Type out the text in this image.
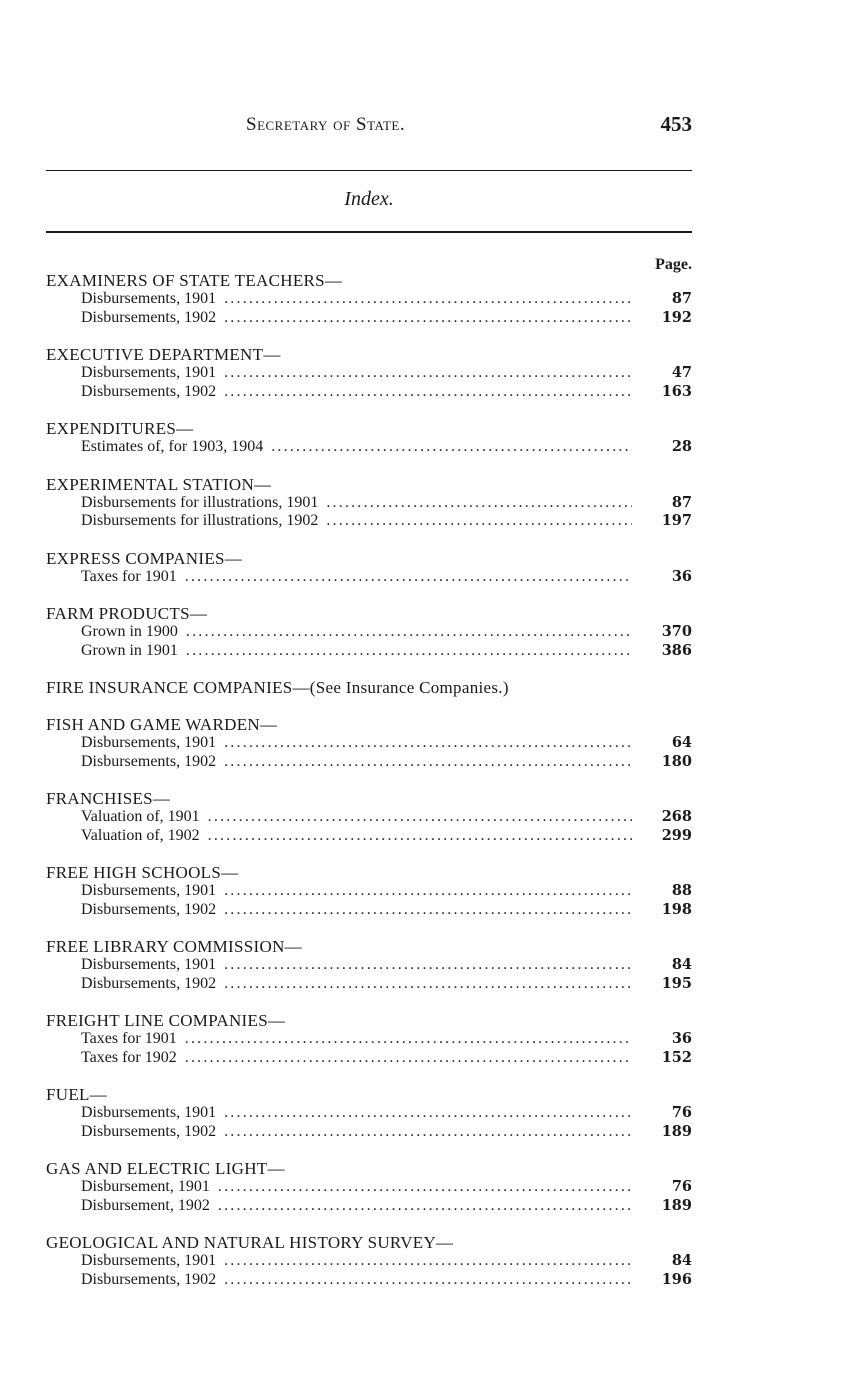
Secretary of State.	453
Index.
Page.
EXAMINERS OF STATE TEACHERS—
Disbursements, 1901 .....	87
Disbursements, 1902 .....	192
EXECUTIVE DEPARTMENT—
Disbursements, 1901 .....	47
Disbursements, 1902 .....	163
EXPENDITURES—
Estimates of, for 1903, 1904 .....	28
EXPERIMENTAL STATION—
Disbursements for illustrations, 1901 .....	87
Disbursements for illustrations, 1902 .....	197
EXPRESS COMPANIES—
Taxes for 1901 .....	36
FARM PRODUCTS—
Grown in 1900 .....	370
Grown in 1901 .....	386
FIRE INSURANCE COMPANIES—(See Insurance Companies.)
FISH AND GAME WARDEN—
Disbursements, 1901 .....	64
Disbursements, 1902 .....	180
FRANCHISES—
Valuation of, 1901 .....	268
Valuation of, 1902 .....	299
FREE HIGH SCHOOLS—
Disbursements, 1901 .....	88
Disbursements, 1902 .....	198
FREE LIBRARY COMMISSION—
Disbursements, 1901 .....	84
Disbursements, 1902 .....	195
FREIGHT LINE COMPANIES—
Taxes for 1901 .....	36
Taxes for 1902 .....	152
FUEL—
Disbursements, 1901 .....	76
Disbursements, 1902 .....	189
GAS AND ELECTRIC LIGHT—
Disbursement, 1901 .....	76
Disbursement, 1902 .....	189
GEOLOGICAL AND NATURAL HISTORY SURVEY—
Disbursements, 1901 .....	84
Disbursements, 1902 .....	196
